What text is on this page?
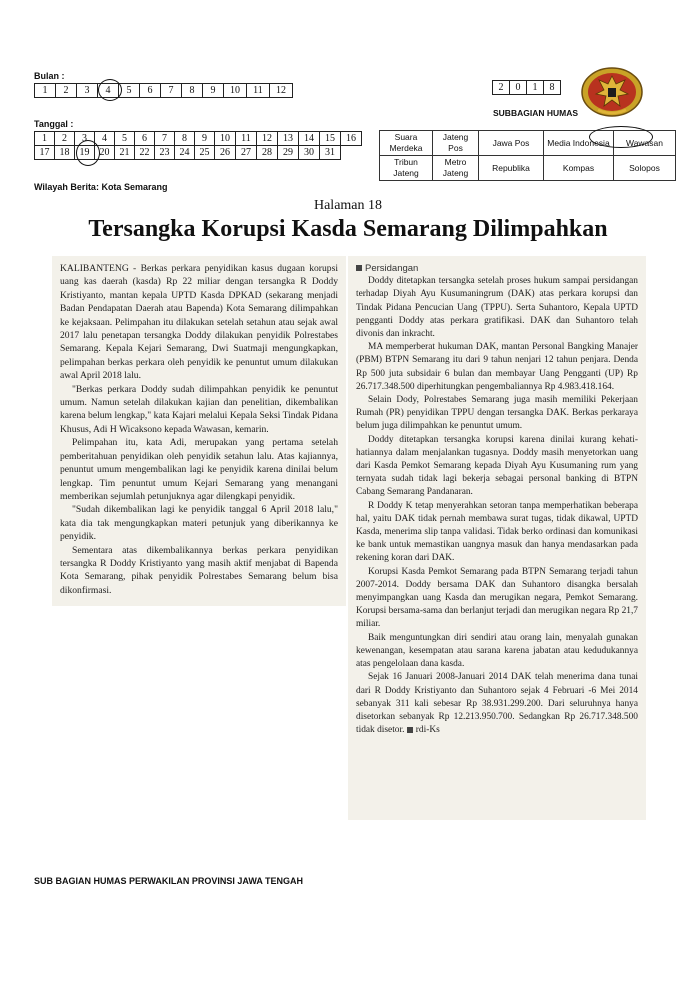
Bulan :
1	2	3	4	5	6	7	8	9	10	11	12
Tanggal :
1	2	3	4	5	6	7	8	9	10	11	12	13	14	15	16
17	18	19	20	21	22	23	24	25	26	27	28	29	30	31	
Wilayah Berita: Kota Semarang
2	0	1	8
SUBBAGIAN HUMAS
Suara Merdeka	Jateng Pos	Jawa Pos	Media Indonesia	Wawasan
Tribun Jateng	Metro Jateng	Republika	Kompas	Solopos
Halaman 18
Tersangka Korupsi Kasda Semarang Dilimpahkan

KALIBANTENG - Berkas perkara penyidikan kasus dugaan korupsi uang kas daerah (kasda) Rp 22 miliar dengan tersangka R Doddy Kristiyanto, mantan kepala UPTD Kasda DPKAD (sekarang menjadi Badan Pendapatan Daerah atau Bapenda) Kota Semarang dilimpahkan ke kejaksaan. Pelimpahan itu dilakukan setelah setahun atau sejak awal 2017 lalu penetapan tersangka Doddy dilakukan penyidik Polrestabes Semarang. Kepala Kejari Semarang, Dwi Suatmaji mengungkapkan, pelimpahan berkas perkara oleh penyidik ke penuntut umum dilakukan awal April 2018 lalu.

"Berkas perkara Doddy sudah dilimpahkan penyidik ke penuntut umum. Namun setelah dilakukan kajian dan penelitian, dikembalikan karena belum lengkap," kata Kajari melalui Kepala Seksi Tindak Pidana Khusus, Adi H Wicaksono kepada Wawasan, kemarin.

Pelimpahan itu, kata Adi, merupakan yang pertama setelah pemberitahuan penyidikan oleh penyidik setahun lalu. Atas kajiannya, penuntut umum mengembalikan lagi ke penyidik karena dinilai belum lengkap. Tim penuntut umum Kejari Semarang yang menangani memberikan sejumlah petunjuknya agar dilengkapi penyidik.

"Sudah dikembalikan lagi ke penyidik tanggal 6 April 2018 lalu," kata dia tak mengungkapkan materi petunjuk yang diberikannya ke penyidik.

Sementara atas dikembalikannya berkas perkara penyidikan tersangka R Doddy Kristiyanto yang masih aktif menjabat di Bapenda Kota Semarang, pihak penyidik Polrestabes Semarang belum bisa dikonfirmasi.

Persidangan

Doddy ditetapkan tersangka setelah proses hukum sampai persidangan terhadap Diyah Ayu Kusumaningrum (DAK) atas perkara korupsi dan Tindak Pidana Pencucian Uang (TPPU). Serta Suhantoro, Kepala UPTD pengganti Doddy atas perkara gratifikasi. DAK dan Suhantoro telah divonis dan inkracht.

MA memperberat hukuman DAK, mantan Personal Bangking Manajer (PBM) BTPN Semarang itu dari 9 tahun nenjari 12 tahun penjara. Denda Rp 500 juta subsidair 6 bulan dan membayar Uang Pengganti (UP) Rp 26.717.348.500 diperhitungkan pengembaliannya Rp 4.983.418.164.

Selain Dody, Polrestabes Semarang juga masih memiliki Pekerjaan Rumah (PR) penyidikan TPPU dengan tersangka DAK. Berkas perkaraya belum juga dilimpahkan ke penuntut umum.

Doddy ditetapkan tersangka korupsi karena dinilai kurang kehati-hatiannya dalam menjalankan tugasnya. Doddy masih menyetorkan uang dari Kasda Pemkot Semarang kepada Diyah Ayu Kusumaning rum yang ternyata sudah tidak lagi bekerja sebagai personal banking di BTPN Cabang Semarang Pandanaran.

R Doddy K tetap menyerahkan setoran tanpa memperhatikan beberapa hal, yaitu DAK tidak pernah membawa surat tugas, tidak dikawal, UPTD Kasda, menerima slip tanpa validasi. Tidak berko ordinasi dan komunikasi ke bank untuk memastikan uangnya masuk dan hanya mendasarkan pada rekening koran dari DAK.

Korupsi Kasda Pemkot Semarang pada BTPN Semarang terjadi tahun 2007-2014. Doddy bersama DAK dan Suhantoro disangka bersalah menyimpangkan uang Kasda dan merugikan negara, Pemkot Semarang. Korupsi bersama-sama dan berlanjut terjadi dan merugikan negara Rp 21,7 miliar.

Baik menguntungkan diri sendiri atau orang lain, menyalah gunakan kewenangan, kesempatan atau sarana karena jabatan atau kedudukannya atas pengelolaan dana kasda.

Sejak 16 Januari 2008-Januari 2014 DAK telah menerima dana tunai dari R Doddy Kristiyanto dan Suhantoro sejak 4 Februari -6 Mei 2014 sebanyak 311 kali sebesar Rp 38.931.299.200. Dari seluruhnya hanya disetorkan sebanyak Rp 12.213.950.700. Sedangkan Rp 26.717.348.500 tidak disetor. rdi-Ks

SUB BAGIAN HUMAS PERWAKILAN PROVINSI JAWA TENGAH
